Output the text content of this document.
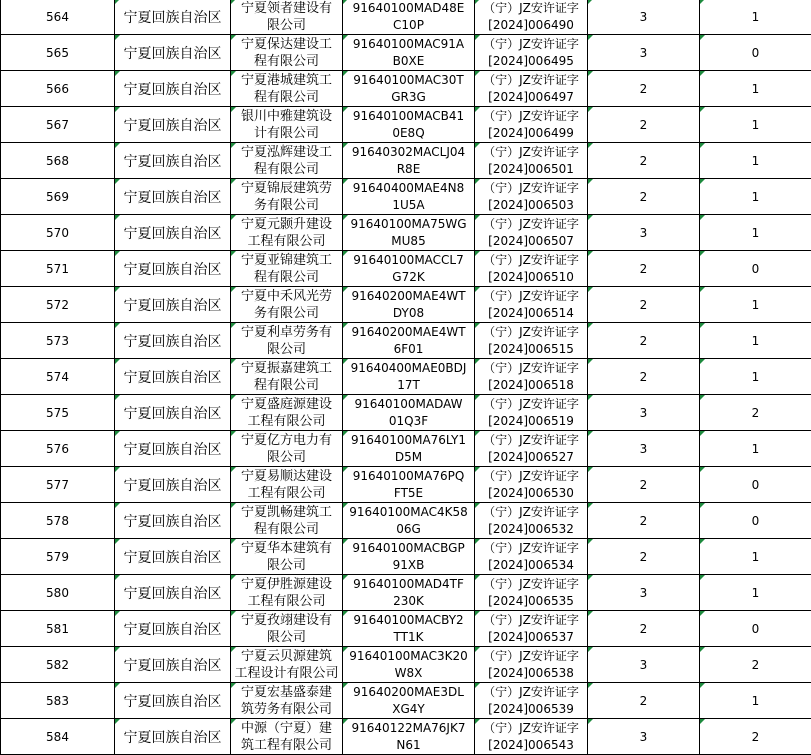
564	宁夏回族自治区	宁夏领者建设有
限公司	91640100MAD48E
C10P	（宁）JZ安许证字
[2024]006490	3	1
565	宁夏回族自治区	宁夏保达建设工
程有限公司	91640100MAC91A
B0XE	（宁）JZ安许证字
[2024]006495	3	0
566	宁夏回族自治区	宁夏港城建筑工
程有限公司	91640100MAC30T
GR3G	（宁）JZ安许证字
[2024]006497	2	1
567	宁夏回族自治区	银川中雅建筑设
计有限公司	91640100MACB41
0E8Q	（宁）JZ安许证字
[2024]006499	2	1
568	宁夏回族自治区	宁夏泓辉建设工
程有限公司	91640302MACLJ04
R8E	（宁）JZ安许证字
[2024]006501	2	1
569	宁夏回族自治区	宁夏锦辰建筑劳
务有限公司	91640400MAE4N8
1U5A	（宁）JZ安许证字
[2024]006503	2	1
570	宁夏回族自治区	宁夏元颢升建设
工程有限公司	91640100MA75WG
MU85	（宁）JZ安许证字
[2024]006507	3	1
571	宁夏回族自治区	宁夏亚锦建筑工
程有限公司	91640100MACCL7
G72K	（宁）JZ安许证字
[2024]006510	2	0
572	宁夏回族自治区	宁夏中禾风光劳
务有限公司	91640200MAE4WT
DY08	（宁）JZ安许证字
[2024]006514	2	1
573	宁夏回族自治区	宁夏利卓劳务有
限公司	91640200MAE4WT
6F01	（宁）JZ安许证字
[2024]006515	2	1
574	宁夏回族自治区	宁夏振嘉建筑工
程有限公司	91640400MAE0BDJ
17T	（宁）JZ安许证字
[2024]006518	2	1
575	宁夏回族自治区	宁夏盛庭源建设
工程有限公司	91640100MADAW
01Q3F	（宁）JZ安许证字
[2024]006519	3	2
576	宁夏回族自治区	宁夏亿方电力有
限公司	91640100MA76LY1
D5M	（宁）JZ安许证字
[2024]006527	3	1
577	宁夏回族自治区	宁夏易顺达建设
工程有限公司	91640100MA76PQ
FT5E	（宁）JZ安许证字
[2024]006530	2	0
578	宁夏回族自治区	宁夏凯畅建筑工
程有限公司	91640100MAC4K58
06G	（宁）JZ安许证字
[2024]006532	2	0
579	宁夏回族自治区	宁夏华本建筑有
限公司	91640100MACBGP
91XB	（宁）JZ安许证字
[2024]006534	2	1
580	宁夏回族自治区	宁夏伊胜源建设
工程有限公司	91640100MAD4TF
230K	（宁）JZ安许证字
[2024]006535	3	1
581	宁夏回族自治区	宁夏孜翊建设有
限公司	91640100MACBY2
TT1K	（宁）JZ安许证字
[2024]006537	2	0
582	宁夏回族自治区	宁夏云贝源建筑
工程设计有限公司	91640100MAC3K20
W8X	（宁）JZ安许证字
[2024]006538	3	2
583	宁夏回族自治区	宁夏宏基盛泰建
筑劳务有限公司	91640200MAE3DL
XG4Y	（宁）JZ安许证字
[2024]006539	2	1
584	宁夏回族自治区	中源（宁夏）建
筑工程有限公司	91640122MA76JK7
N61	（宁）JZ安许证字
[2024]006543	3	2
